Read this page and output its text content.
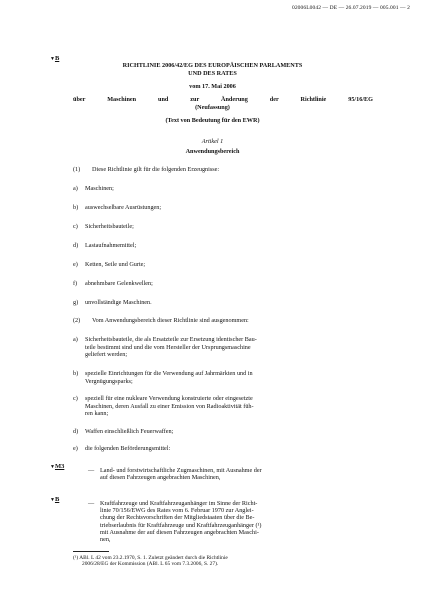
02006L0042 — DE — 26.07.2019 — 005.001 — 2
▼B
RICHTLINIE 2006/42/EG DES EUROPÄISCHEN PARLAMENTS
UND DES RATES
vom 17. Mai 2006
über Maschinen und zur Änderung der Richtlinie 95/16/EG
(Neufassung)
(Text von Bedeutung für den EWR)
Artikel 1
Anwendungsbereich
(1) Diese Richtlinie gilt für die folgenden Erzeugnisse:
a) Maschinen;
b) auswechselbare Ausrüstungen;
c) Sicherheitsbauteile;
d) Lastaufnahmemittel;
e) Ketten, Seile und Gurte;
f) abnehmbare Gelenkwellen;
g) unvollständige Maschinen.
(2) Vom Anwendungsbereich dieser Richtlinie sind ausgenommen:
a) Sicherheitsbauteile, die als Ersatzteile zur Ersetzung identischer Bau-
teile bestimmt sind und die vom Hersteller der Ursprungsmaschine
geliefert werden;
b) spezielle Einrichtungen für die Verwendung auf Jahrmärkten und in
Vergnügungsparks;
c) speziell für eine nukleare Verwendung konstruierte oder eingesetzte
Maschinen, deren Ausfall zu einer Emission von Radioaktivität füh-
ren kann;
d) Waffen einschließlich Feuerwaffen;
e) die folgenden Beförderungsmittel:
▼M3
— Land- und forstwirtschaftliche Zugmaschinen, mit Ausnahme der
auf diesen Fahrzeugen angebrachten Maschinen,
▼B
— Kraftfahrzeuge und Kraftfahrzeuganhänger im Sinne der Richt-
linie 70/156/EWG des Rates vom 6. Februar 1970 zur Anglei-
chung der Rechtsvorschriften der Mitgliedstaaten über die Be-
triebserlaubnis für Kraftfahrzeuge und Kraftfahrzeuganhänger (¹)
mit Ausnahme der auf diesen Fahrzeugen angebrachten Maschi-
nen,
(¹) ABl. L 42 vom 23.2.1970, S. 1. Zuletzt geändert durch die Richtlinie
2006/28/EG der Kommission (ABl. L 65 vom 7.3.2006, S. 27).
